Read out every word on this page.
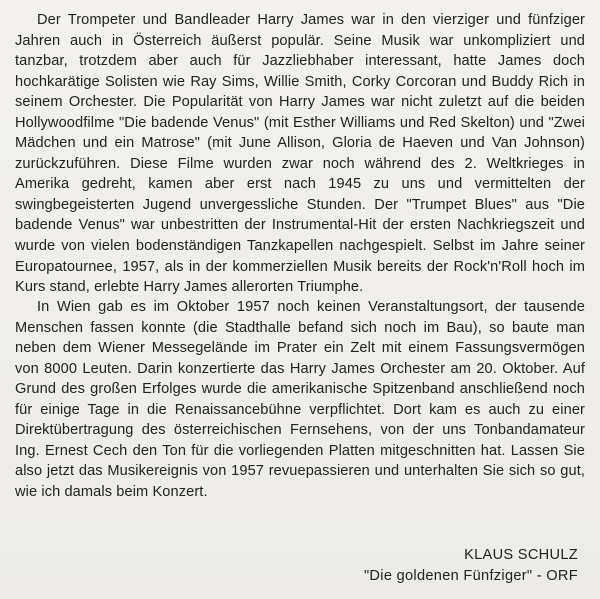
Der Trompeter und Bandleader Harry James war in den vierziger und fünfziger Jahren auch in Österreich äußerst populär. Seine Musik war unkompliziert und tanzbar, trotzdem aber auch für Jazzliebhaber interessant, hatte James doch hochkarätige Solisten wie Ray Sims, Willie Smith, Corky Corcoran und Buddy Rich in seinem Orchester. Die Popularität von Harry James war nicht zuletzt auf die beiden Hollywoodfilme "Die badende Venus" (mit Esther Williams und Red Skelton) und "Zwei Mädchen und ein Matrose" (mit June Allison, Gloria de Haeven und Van Johnson) zurückzuführen. Diese Filme wurden zwar noch während des 2. Weltkrieges in Amerika gedreht, kamen aber erst nach 1945 zu uns und vermittelten der swingbegeisterten Jugend unvergessliche Stunden. Der "Trumpet Blues" aus "Die badende Venus" war unbestritten der Instrumental-Hit der ersten Nachkriegszeit und wurde von vielen bodenständigen Tanzkapellen nachgespielt. Selbst im Jahre seiner Europatournee, 1957, als in der kommerziellen Musik bereits der Rock'n'Roll hoch im Kurs stand, erlebte Harry James allerorten Triumphe.

In Wien gab es im Oktober 1957 noch keinen Veranstaltungsort, der tausende Menschen fassen konnte (die Stadthalle befand sich noch im Bau), so baute man neben dem Wiener Messegelände im Prater ein Zelt mit einem Fassungsvermögen von 8000 Leuten. Darin konzertierte das Harry James Orchester am 20. Oktober. Auf Grund des großen Erfolges wurde die amerikanische Spitzenband anschließend noch für einige Tage in die Renaissancebühne verpflichtet. Dort kam es auch zu einer Direktübertragung des österreichischen Fernsehens, von der uns Tonbandamateur Ing. Ernest Cech den Ton für die vorliegenden Platten mitgeschnitten hat. Lassen Sie also jetzt das Musikereignis von 1957 revuepassieren und unterhalten Sie sich so gut, wie ich damals beim Konzert.

KLAUS SCHULZ
"Die goldenen Fünfziger" - ORF
